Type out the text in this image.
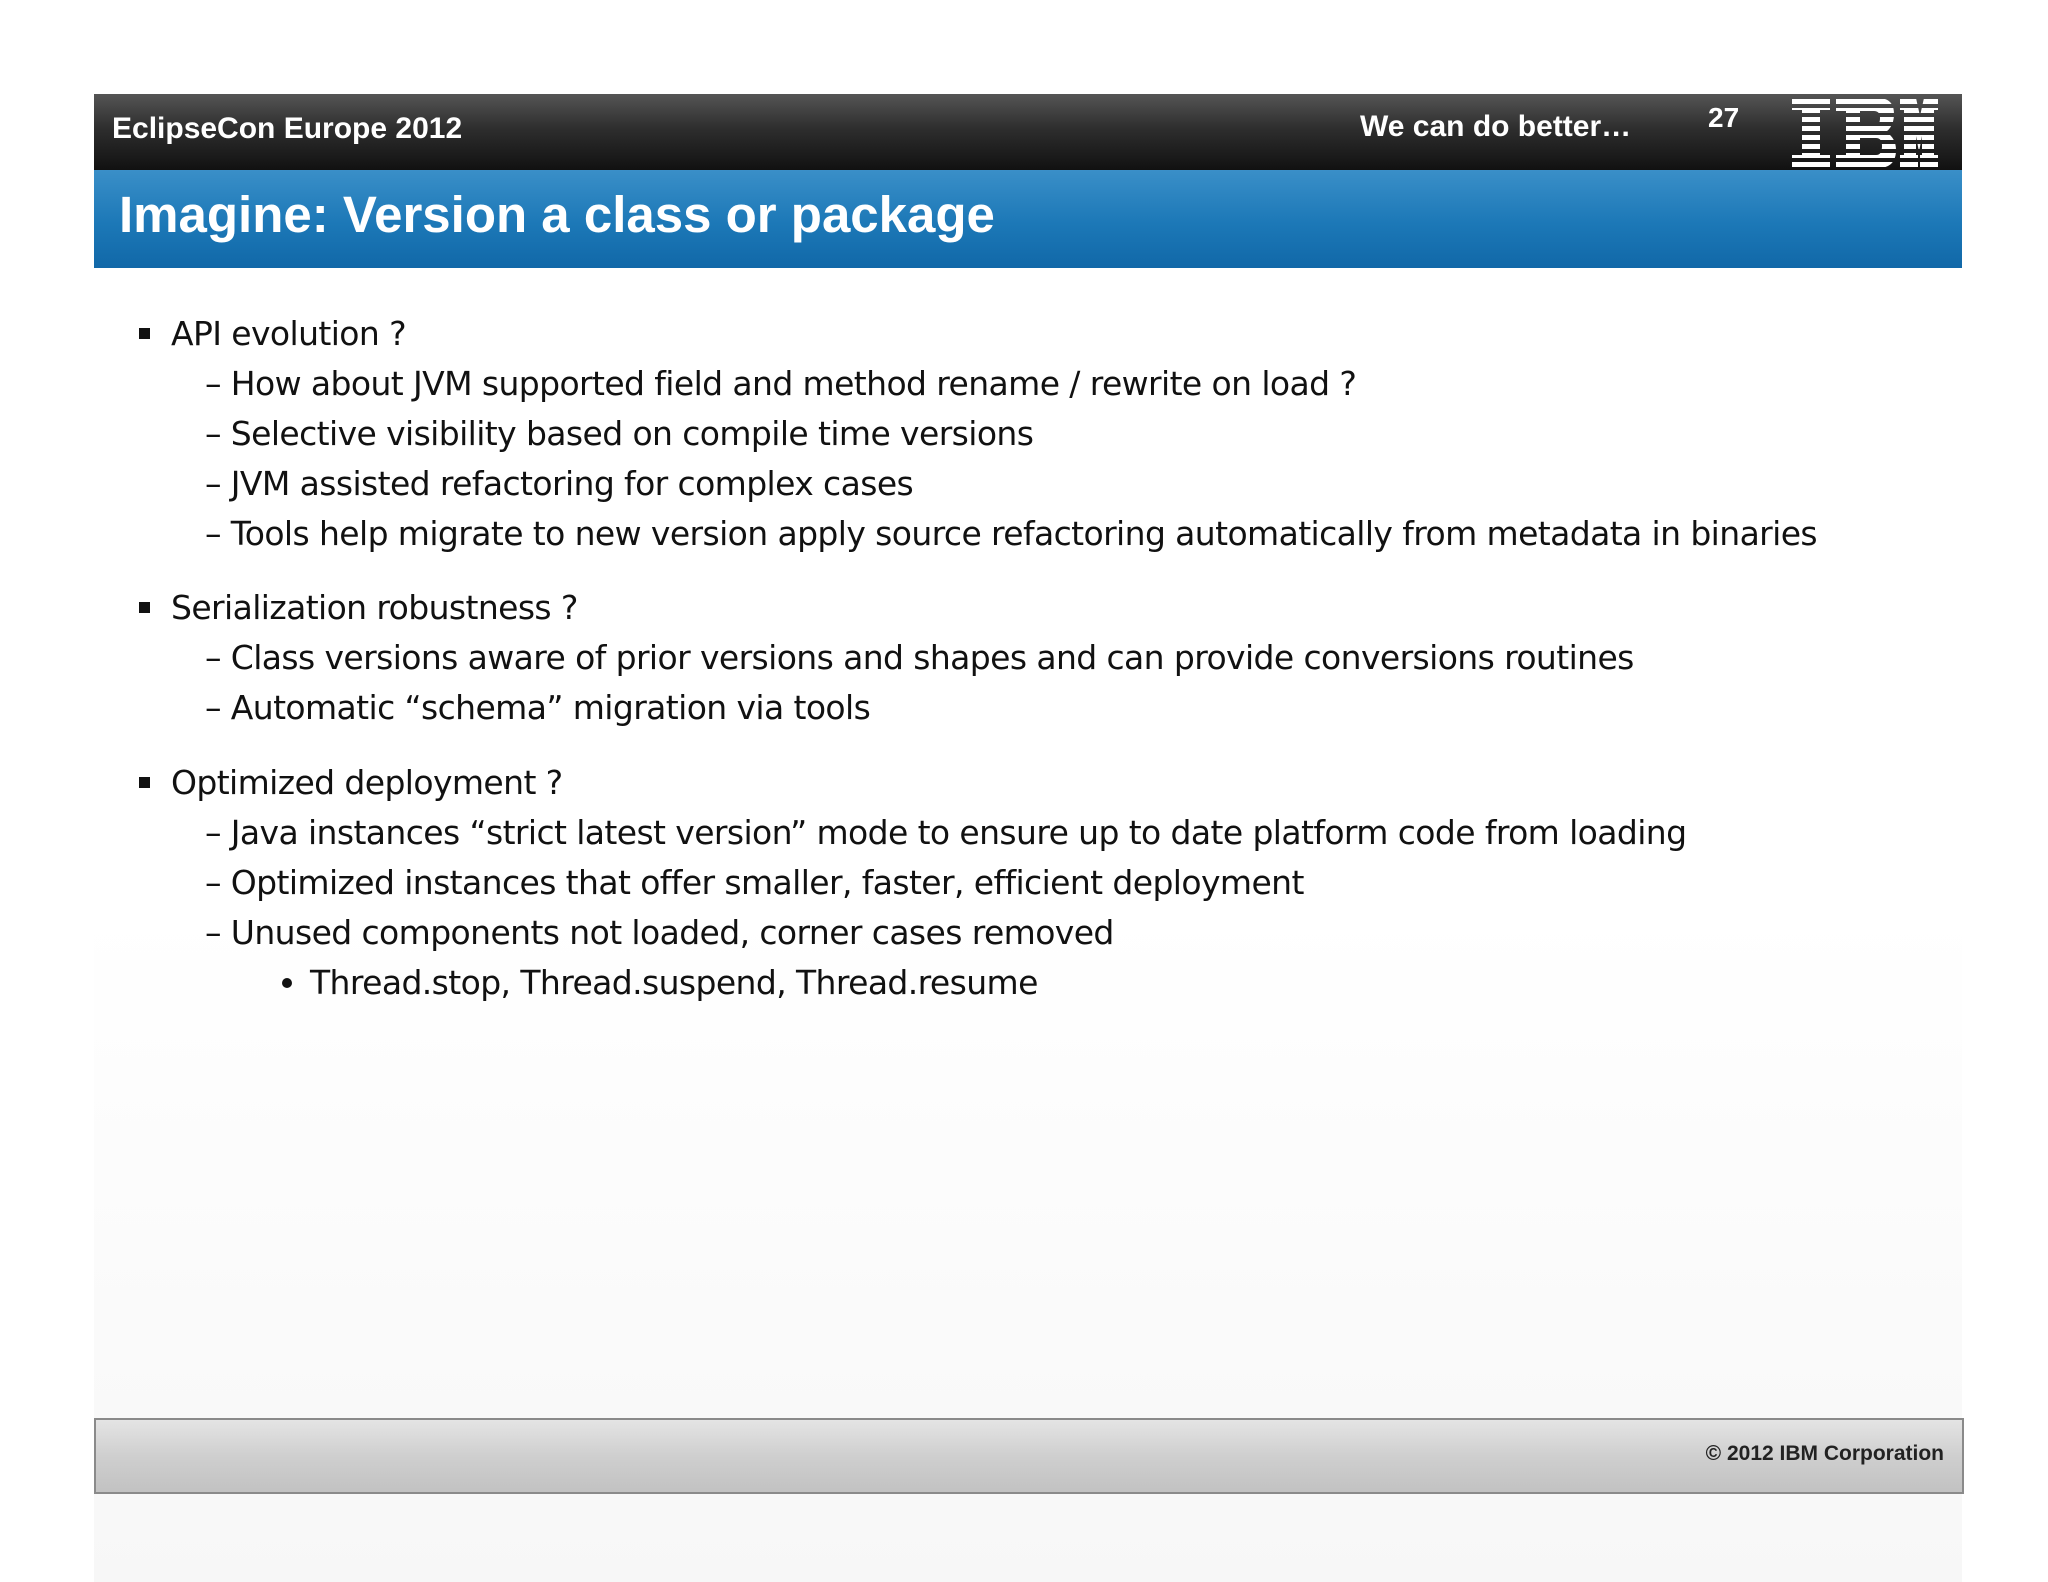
EclipseCon Europe 2012	We can do better…	27
Imagine: Version a class or package
API evolution ?
– How about JVM supported field and method rename / rewrite on load ?
– Selective visibility based on compile time versions
– JVM assisted refactoring for complex cases
– Tools help migrate to new version apply source refactoring automatically from metadata in binaries
Serialization robustness ?
– Class versions aware of prior versions and shapes and can provide conversions routines
– Automatic “schema” migration via tools
Optimized deployment ?
– Java instances “strict latest version” mode to ensure up to date platform code from loading
– Optimized instances that offer smaller, faster, efficient deployment
– Unused components not loaded, corner cases removed
Thread.stop, Thread.suspend, Thread.resume
© 2012 IBM Corporation
